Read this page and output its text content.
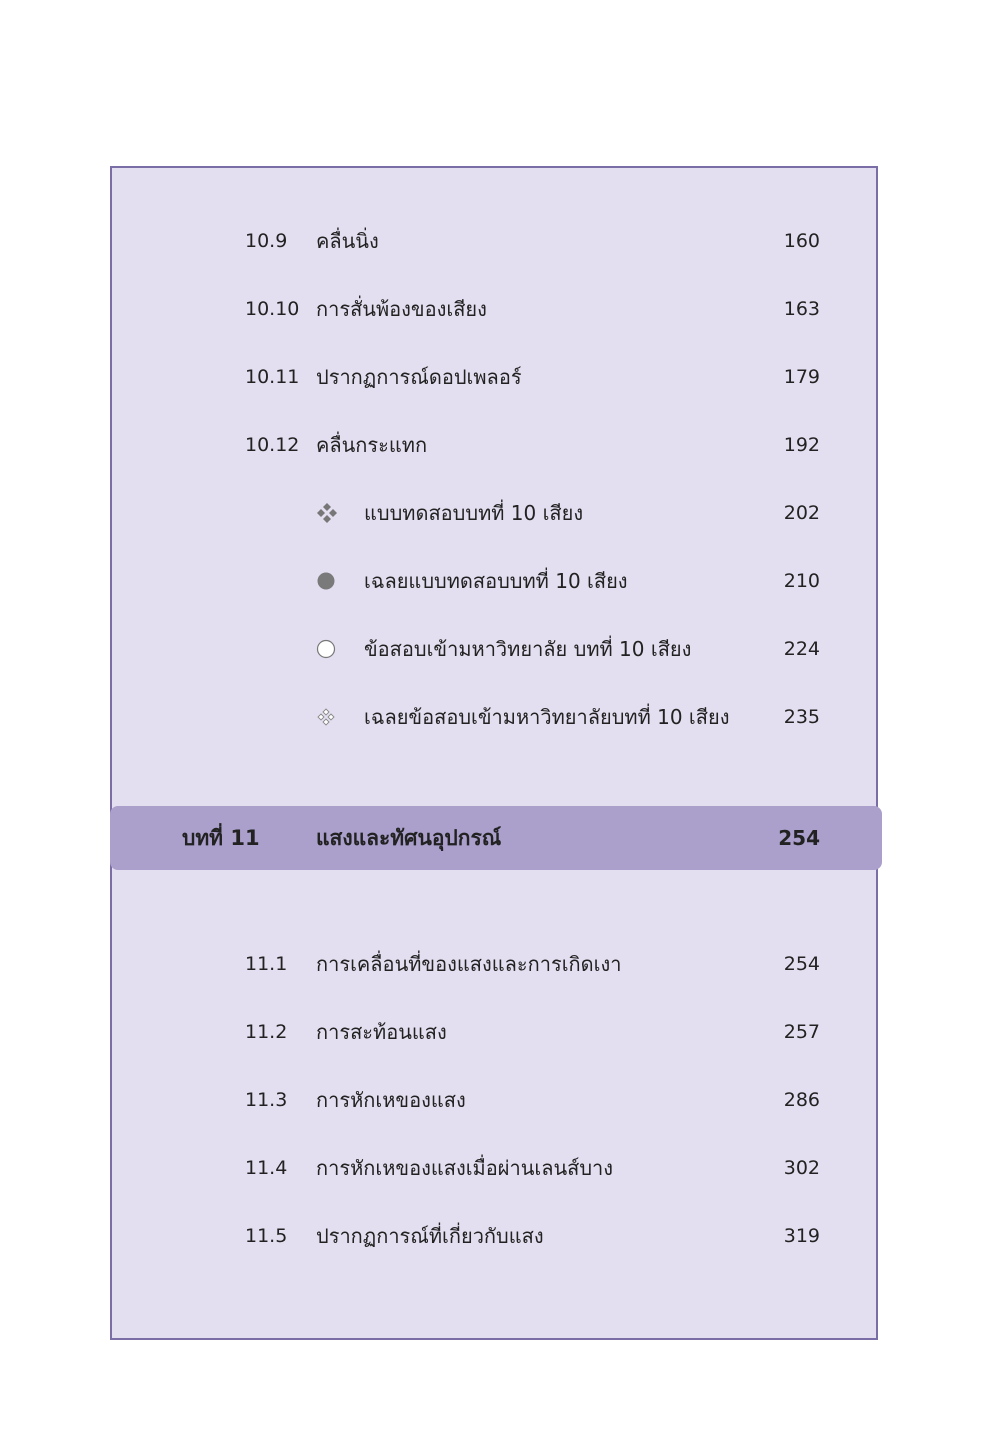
10.9 คลื่นนิ่ง	160
10.10 การสั่นพ้องของเสียง	163
10.11 ปรากฏการณ์ดอปเพลอร์	179
10.12 คลื่นกระแทก	192
แบบทดสอบบทที่ 10 เสียง	202
เฉลยแบบทดสอบบทที่ 10 เสียง	210
ข้อสอบเข้ามหาวิทยาลัย บทที่ 10 เสียง	224
เฉลยข้อสอบเข้ามหาวิทยาลัยบทที่ 10 เสียง	235
บทที่ 11	แสงและทัศนอุปกรณ์	254
11.1 การเคลื่อนที่ของแสงและการเกิดเงา	254
11.2 การสะท้อนแสง	257
11.3 การหักเหของแสง	286
11.4 การหักเหของแสงเมื่อผ่านเลนส์บาง	302
11.5 ปรากฏการณ์ที่เกี่ยวกับแสง	319
